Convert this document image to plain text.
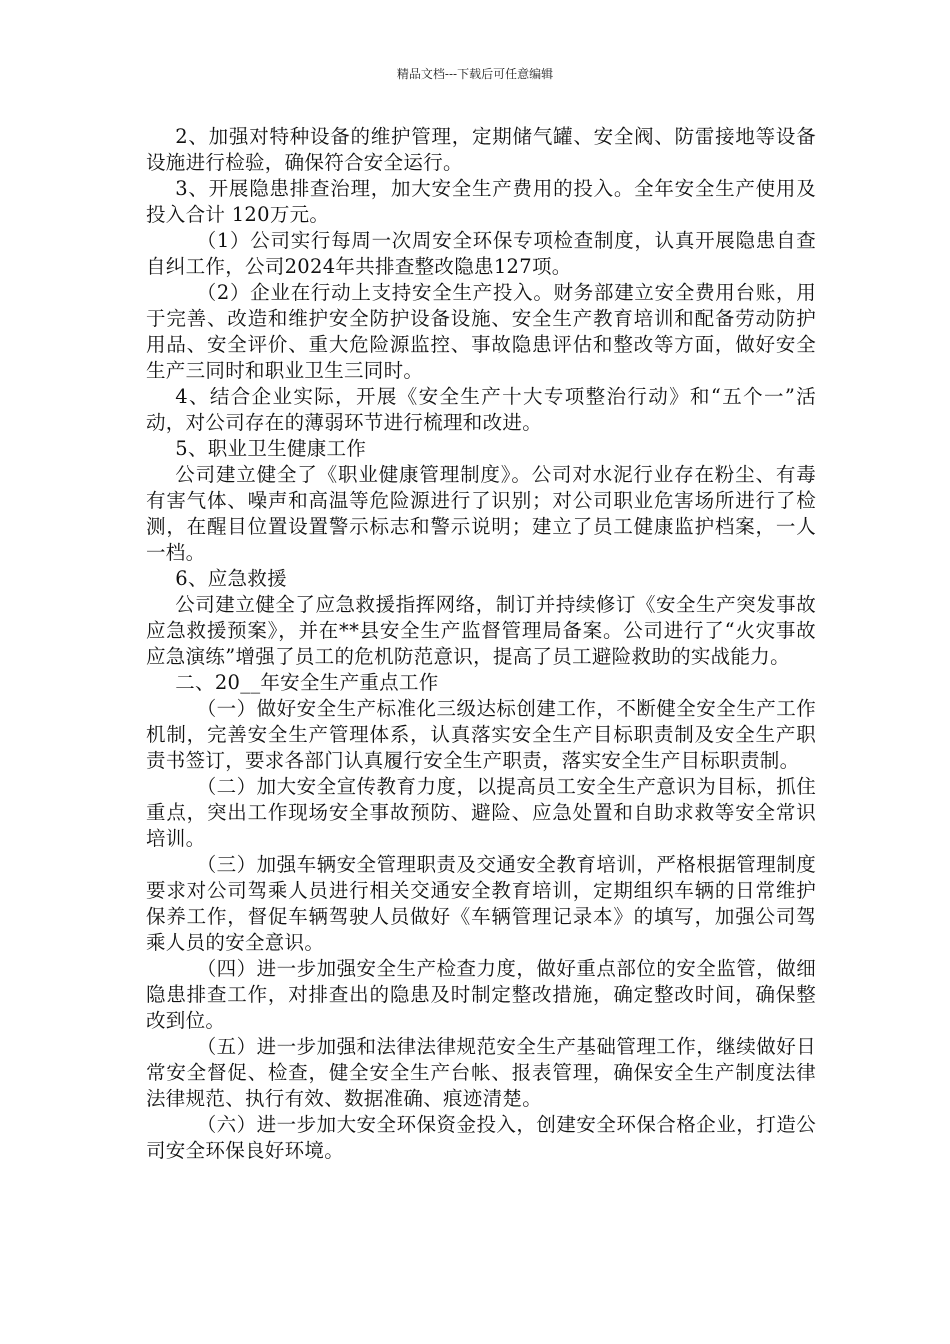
精品文档---下载后可任意编辑

2、加强对特种设备的维护管理，定期储气罐、安全阀、防雷接地等设备设施进行检验，确保符合安全运行。

3、开展隐患排查治理，加大安全生产费用的投入。全年安全生产使用及投入合计 120万元。

（1）公司实行每周一次周安全环保专项检查制度，认真开展隐患自查自纠工作，公司2024年共排查整改隐患127项。

（2）企业在行动上支持安全生产投入。财务部建立安全费用台账，用于完善、改造和维护安全防护设备设施、安全生产教育培训和配备劳动防护用品、安全评价、重大危险源监控、事故隐患评估和整改等方面，做好安全生产三同时和职业卫生三同时。

4、结合企业实际，开展《安全生产十大专项整治行动》和“五个一”活动，对公司存在的薄弱环节进行梳理和改进。

5、职业卫生健康工作

公司建立健全了《职业健康管理制度》。公司对水泥行业存在粉尘、有毒有害气体、噪声和高温等危险源进行了识别；对公司职业危害场所进行了检测，在醒目位置设置警示标志和警示说明；建立了员工健康监护档案，一人一档。

6、应急救援

公司建立健全了应急救援指挥网络，制订并持续修订《安全生产突发事故应急救援预案》，并在**县安全生产监督管理局备案。公司进行了“火灾事故应急演练”增强了员工的危机防范意识，提高了员工避险救助的实战能力。

二、20__年安全生产重点工作

（一）做好安全生产标准化三级达标创建工作，不断健全安全生产工作机制，完善安全生产管理体系，认真落实安全生产目标职责制及安全生产职责书签订，要求各部门认真履行安全生产职责，落实安全生产目标职责制。

（二）加大安全宣传教育力度，以提高员工安全生产意识为目标，抓住重点，突出工作现场安全事故预防、避险、应急处置和自助求救等安全常识培训。

（三）加强车辆安全管理职责及交通安全教育培训，严格根据管理制度要求对公司驾乘人员进行相关交通安全教育培训，定期组织车辆的日常维护保养工作，督促车辆驾驶人员做好《车辆管理记录本》的填写，加强公司驾乘人员的安全意识。

（四）进一步加强安全生产检查力度，做好重点部位的安全监管，做细隐患排查工作，对排查出的隐患及时制定整改措施，确定整改时间，确保整改到位。

（五）进一步加强和法律法律规范安全生产基础管理工作，继续做好日常安全督促、检查，健全安全生产台帐、报表管理，确保安全生产制度法律法律规范、执行有效、数据准确、痕迹清楚。

（六）进一步加大安全环保资金投入，创建安全环保合格企业，打造公司安全环保良好环境。
